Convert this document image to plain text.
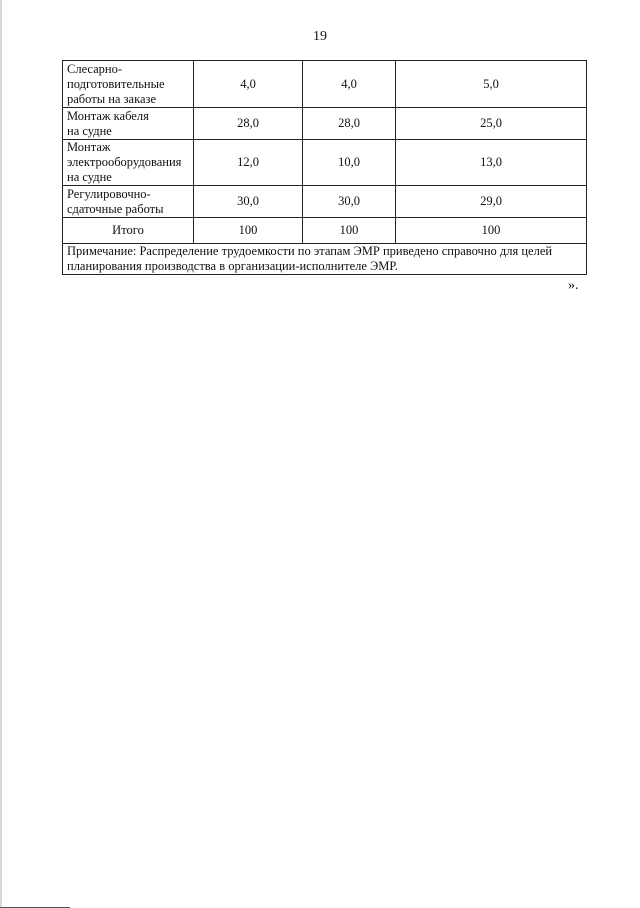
19
Слесарно-
подготовительные
работы на заказе	4,0	4,0	5,0
Монтаж кабеля
на судне	28,0	28,0	25,0
Монтаж
электрооборудования
на судне	12,0	10,0	13,0
Регулировочно-
сдаточные работы	30,0	30,0	29,0
Итого	100	100	100
Примечание: Распределение трудоемкости по этапам ЭМР приведено справочно для целей планирования производства в организации-исполнителе ЭМР.			
».
